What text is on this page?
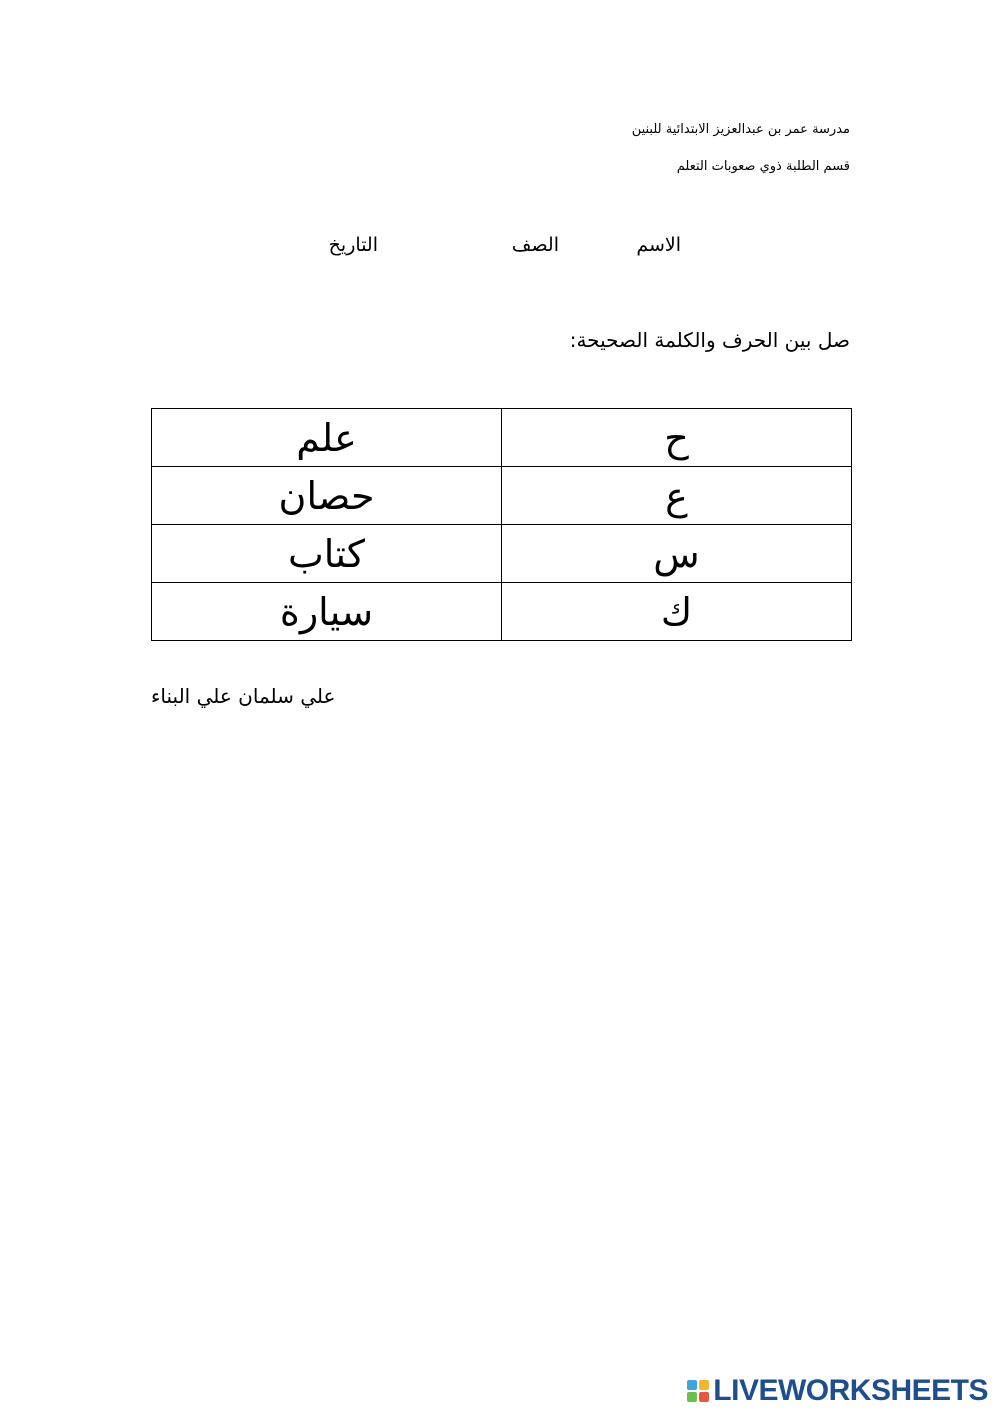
مدرسة عمر بن عبدالعزيز الابتدائية للبنين
قسم الطلبة ذوي صعوبات التعلم
الاسم
الصف
التاريخ
صل بين الحرف والكلمة الصحيحة:
ح	علم
ع	حصان
س	كتاب
ك	سيارة
علي سلمان علي البناء
LIVEWORKSHEETS
